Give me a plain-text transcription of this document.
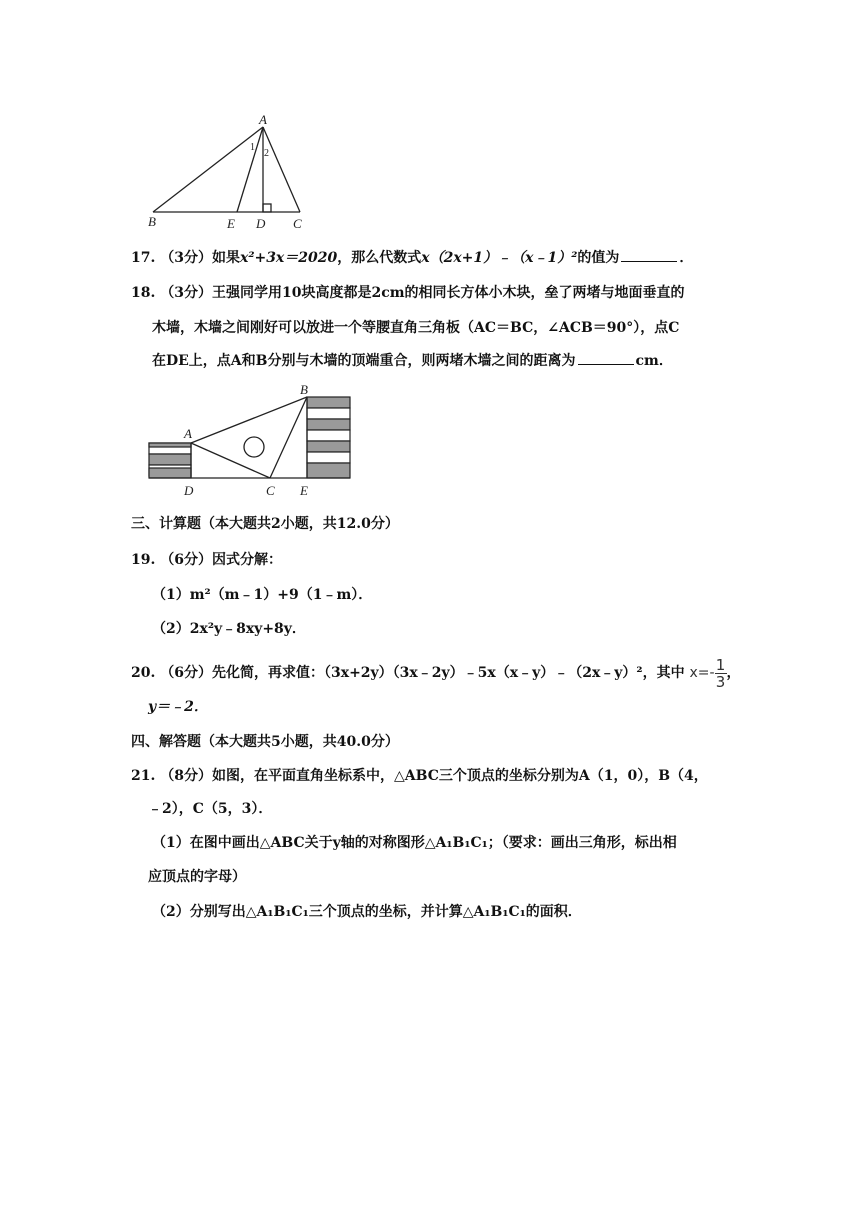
A
1
2
B	E D C
17. （3分）如果x²+3x＝2020，那么代数式x（2x+1）﹣（x﹣1）²的值为	．
18. （3分）王强同学用10块高度都是2cm的相同长方体小木块，垒了两堵与地面垂直的
木墙，木墙之间刚好可以放进一个等腰直角三角板（AC＝BC，∠ACB＝90°），点C
在DE上，点A和B分别与木墙的顶端重合，则两堵木墙之间的距离为	cm．
A
B
D	C E
三、计算题（本大题共2小题，共12.0分）
19. （6分）因式分解：
（1）m²（m﹣1）+9（1﹣m）．
（2）2x²y﹣8xy+8y．
20. （6分）先化简，再求值：（3x+2y）（3x﹣2y）﹣5x（x﹣y）﹣（2x﹣y）²，其中 $x=- \frac{1}{3}$ ，
y＝﹣2．
四、解答题（本大题共5小题，共40.0分）
21. （8分）如图，在平面直角坐标系中，△ABC三个顶点的坐标分别为A（1，0），B（4，
﹣2），C（5，3）．
（1）在图中画出△ABC关于y轴的对称图形△A₁B₁C₁；（要求：画出三角形，标出相
应顶点的字母）
（2）分别写出△A₁B₁C₁三个顶点的坐标，并计算△A₁B₁C₁的面积．
